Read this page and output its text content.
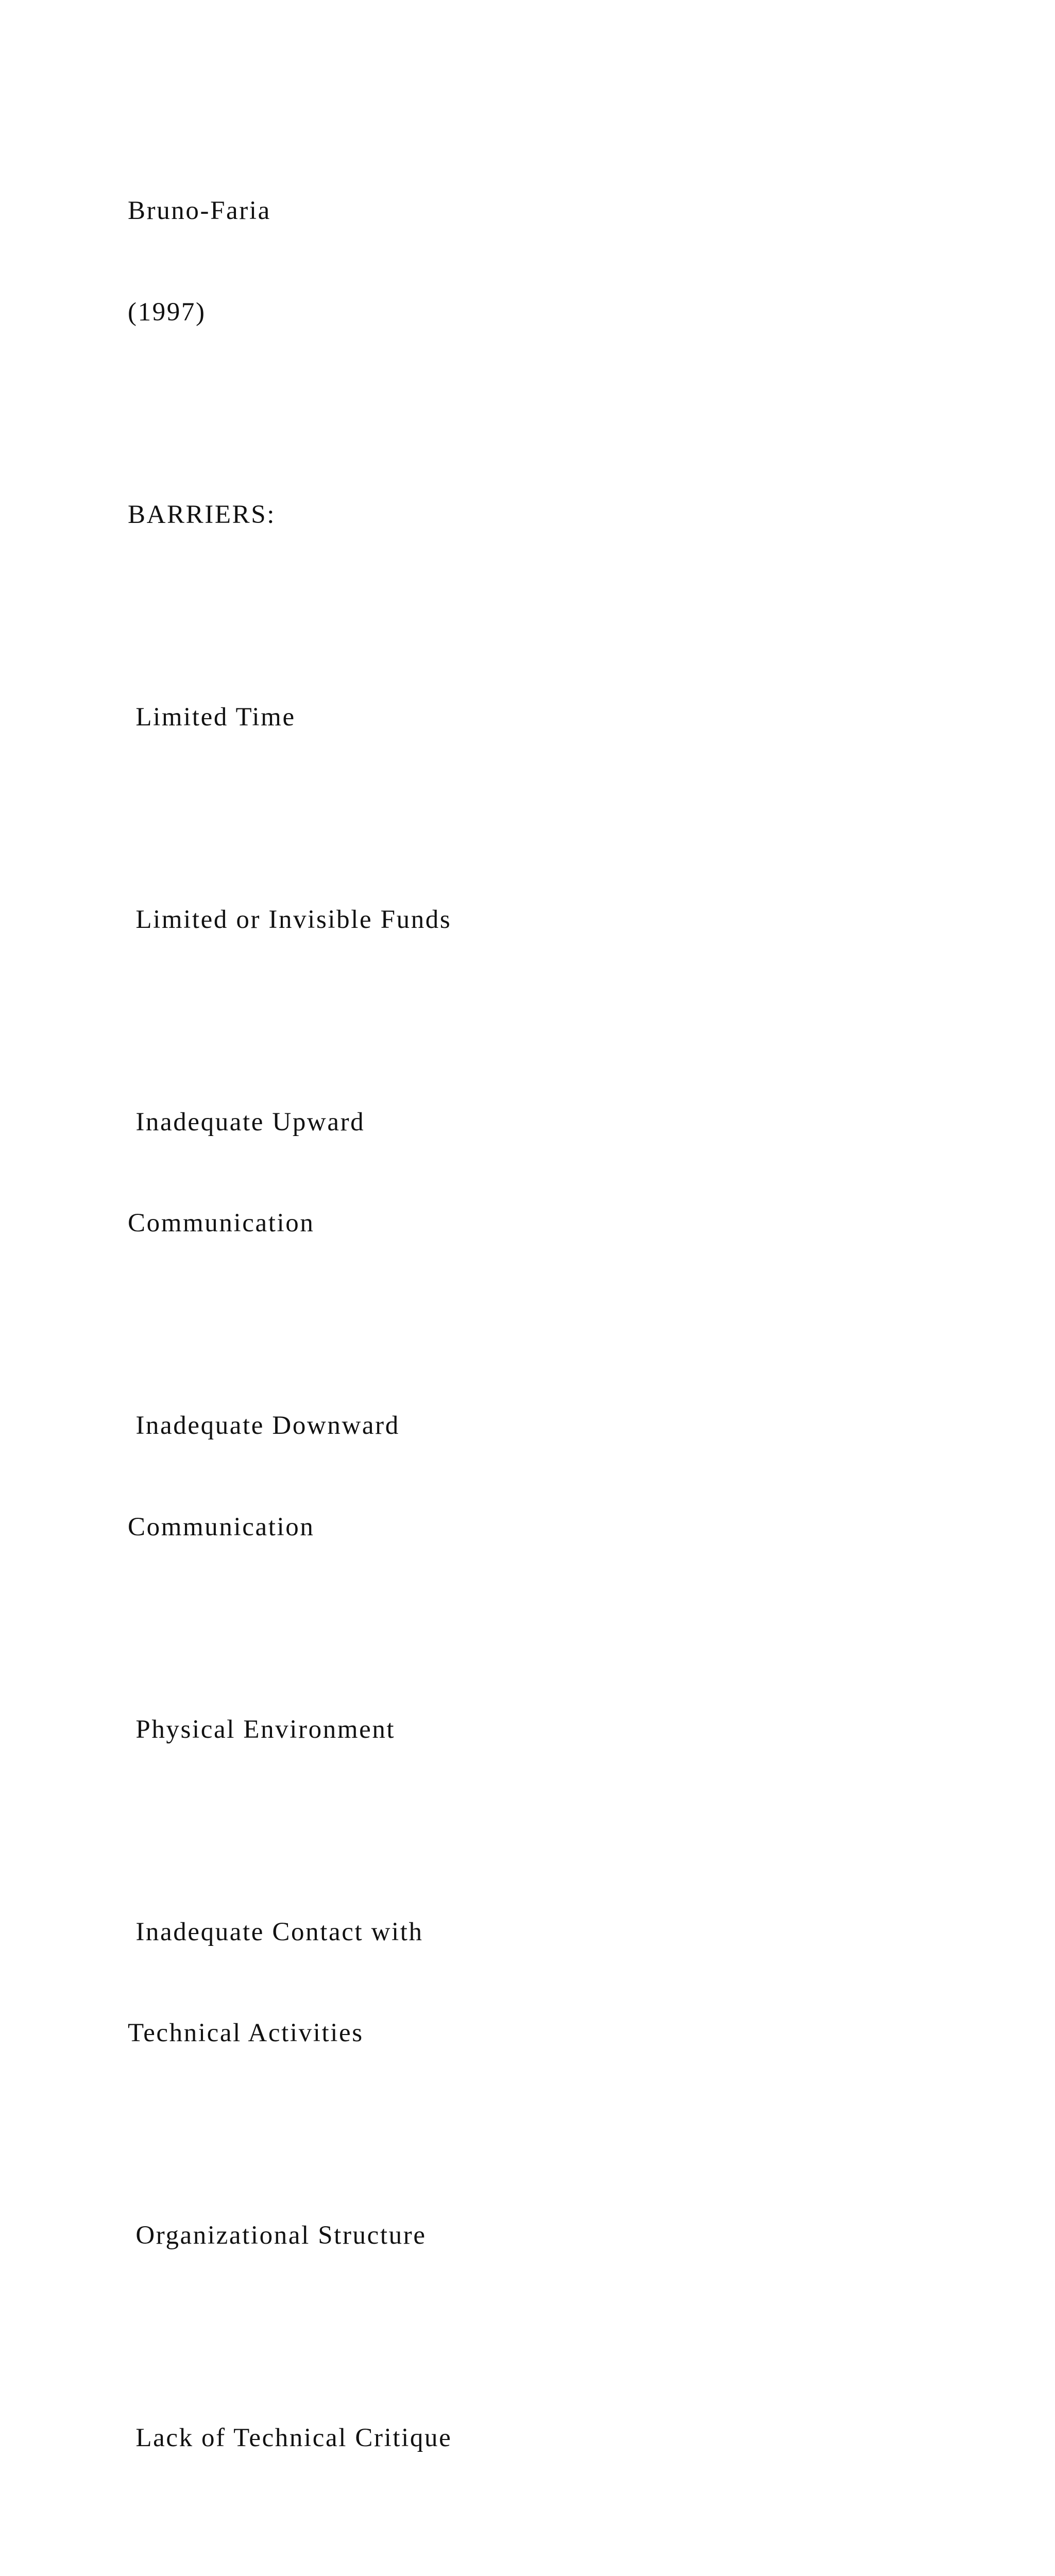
Bruno-Faria

(1997)

BARRIERS:

Limited Time

Limited or Invisible Funds

Inadequate Upward

Communication

Inadequate Downward

Communication

Physical Environment

Inadequate Contact with

Technical Activities

Organizational Structure

Lack of Technical Critique
